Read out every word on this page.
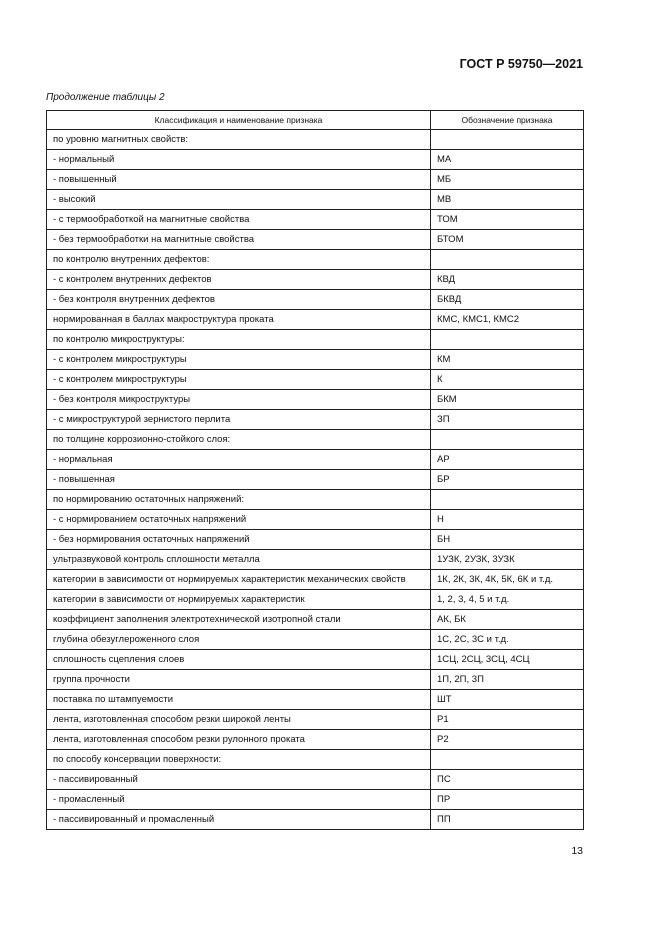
ГОСТ Р 59750—2021
Продолжение таблицы 2
Классификация и наименование признака	Обозначение признака
по уровню магнитных свойств:	
- нормальный	МА
- повышенный	МБ
- высокий	МВ
- с термообработкой на магнитные свойства	ТОМ
- без термообработки на магнитные свойства	БТОМ
по контролю внутренних дефектов:	
- с контролем внутренних дефектов	КВД
- без контроля внутренних дефектов	БКВД
нормированная в баллах макроструктура проката	КМС, КМС1, КМС2
по контролю микроструктуры:	
- с контролем микроструктуры	КМ
- с контролем микроструктуры	К
- без контроля микроструктуры	БКМ
- с микроструктурой зернистого перлита	ЗП
по толщине коррозионно-стойкого слоя:	
- нормальная	АР
- повышенная	БР
по нормированию остаточных напряжений:	
- с нормированием остаточных напряжений	Н
- без нормирования остаточных напряжений	БН
ультразвуковой контроль сплошности металла	1УЗК, 2УЗК, 3УЗК
категории в зависимости от нормируемых характеристик механических свойств	1К, 2К, 3К, 4К, 5К, 6К и т.д.
категории в зависимости от нормируемых характеристик	1, 2, 3, 4, 5 и т.д.
коэффициент заполнения электротехнической изотропной стали	АК, БК
глубина обезуглероженного слоя	1С, 2С, 3С и т.д.
сплошность сцепления слоев	1СЦ, 2СЦ, 3СЦ, 4СЦ
группа прочности	1П, 2П, 3П
поставка по штампуемости	ШТ
лента, изготовленная способом резки широкой ленты	Р1
лента, изготовленная способом резки рулонного проката	Р2
по способу консервации поверхности:	
- пассивированный	ПС
- промасленный	ПР
- пассивированный и промасленный	ПП
13
